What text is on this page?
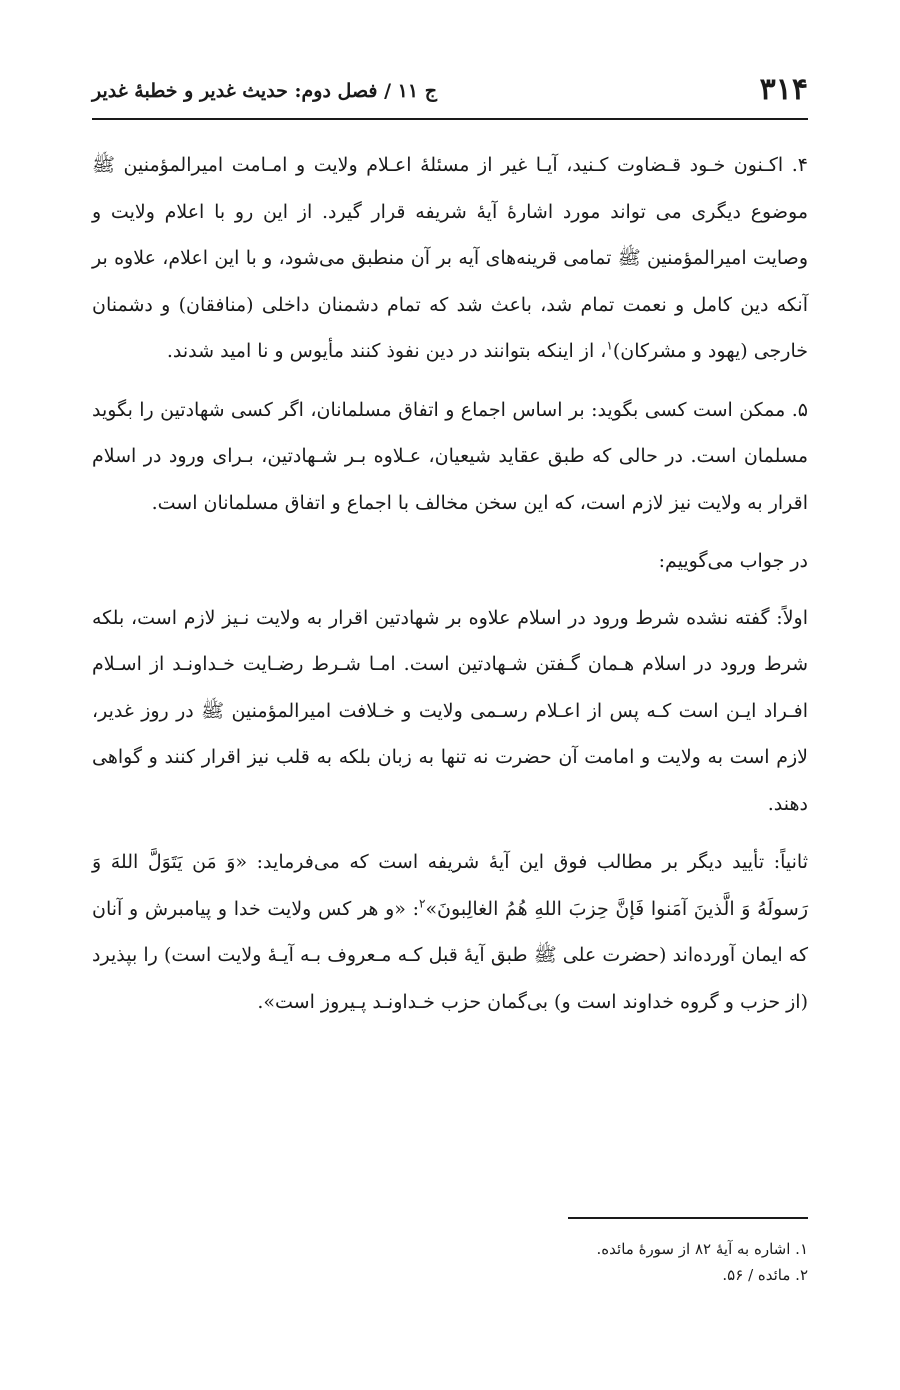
۳۱۴
ج ۱۱ / فصل دوم: حدیث غدیر و خطبهٔ غدیر

۴. اکـنون خـود قـضاوت کـنید، آیـا غیر از مسئلهٔ اعـلام ولایت و امـامت امیرالمؤمنین ﷺ موضوع دیگری می تواند مورد اشارهٔ آیهٔ شریفه قرار گیرد. از این رو با اعلام ولایت و وصایت امیرالمؤمنین ﷺ تمامی قرینه‌های آیه بر آن منطبق می‌شود، و با این اعلام، علاوه بر آنکه دین کامل و نعمت تمام شد، باعث شد که تمام دشمنان داخلی (منافقان) و دشمنان خارجی (یهود و مشرکان)$^۱$، از اینکه بتوانند در دین نفوذ کنند مأیوس و نا امید شدند.

۵. ممکن است کسی بگوید: بر اساس اجماع و اتفاق مسلمانان، اگر کسی شهادتین را بگوید مسلمان است. در حالی که طبق عقاید شیعیان، عـلاوه بـر شـهادتین، بـرای ورود در اسلام اقرار به ولایت نیز لازم است، که این سخن مخالف با اجماع و اتفاق مسلمانان است.

در جواب می‌گوییم:

اولاً: گفته نشده شرط ورود در اسلام علاوه بر شهادتین اقرار به ولایت نـیز لازم است، بلکه شرط ورود در اسلام هـمان گـفتن شـهادتین است. امـا شـرط رضـایت خـداونـد از اسـلام افـراد ایـن است کـه پس از اعـلام رسـمی ولایت و خـلافت امیرالمؤمنین ﷺ در روز غدیر، لازم است به ولایت و امامت آن حضرت نه تنها به زبان بلکه به قلب نیز اقرار کنند و گواهی دهند.

ثانیاً: تأیید دیگر بر مطالب فوق این آیهٔ شریفه است که می‌فرماید: «وَ مَن يَتَوَلَّ اللهَ وَ رَسولَهُ وَ الَّذينَ آمَنوا فَإنَّ حِزبَ اللهِ هُمُ الغالِبونَ»$^۲$: «و هر کس ولایت خدا و پیامبرش و آنان که ایمان آورده‌اند (حضرت علی ﷺ طبق آیهٔ قبل کـه مـعروف بـه آیـهٔ ولایت است) را بپذیرد (از حزب و گروه خداوند است و) بی‌گمان حزب خـداونـد پـیروز است».

۱. اشاره به آیهٔ ۸۲ از سورهٔ مائده.

۲. مائده / ۵۶.
